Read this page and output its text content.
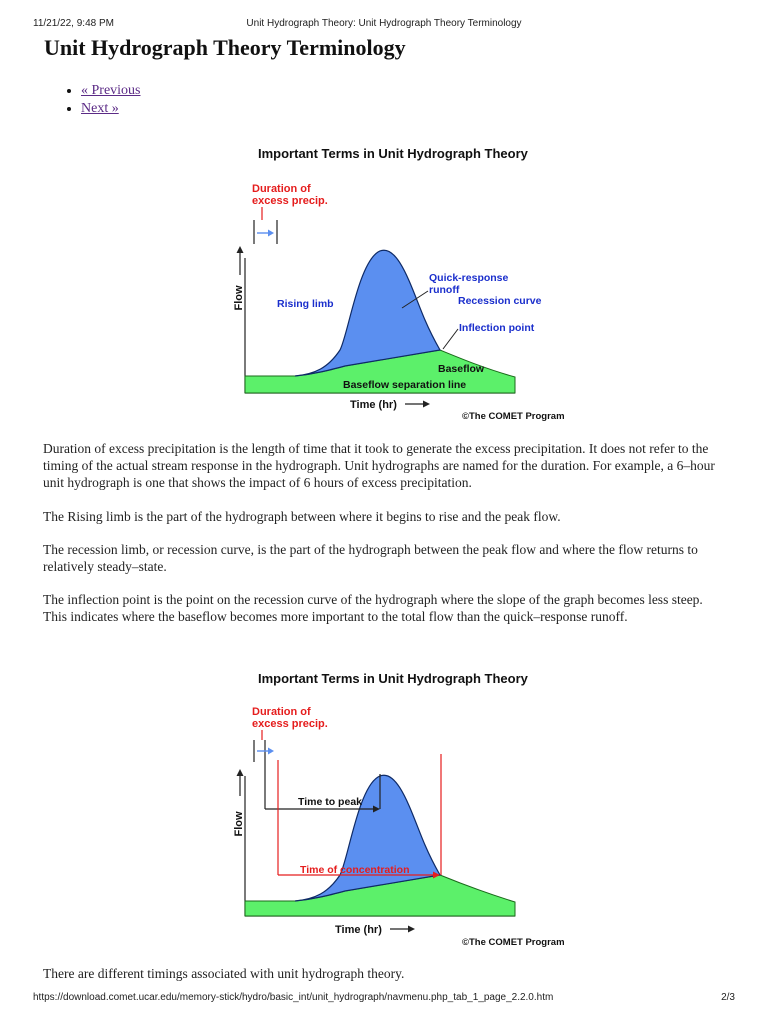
11/21/22, 9:48 PM	Unit Hydrograph Theory: Unit Hydrograph Theory Terminology
Unit Hydrograph Theory Terminology
• « Previous
• Next »
Important Terms in Unit Hydrograph Theory
Duration of
excess precip.
Flow
Time (hr)
Rising limb
Quick-response
runoff
Recession curve
Inflection point
Baseflow
Baseflow separation line
©The COMET Program

Duration of excess precipitation is the length of time that it took to generate the excess precipitation. It does not refer to the timing of the actual stream response in the hydrograph. Unit hydrographs are named for the duration. For example, a 6–hour unit hydrograph is one that shows the impact of 6 hours of excess precipitation.

The Rising limb is the part of the hydrograph between where it begins to rise and the peak flow.

The recession limb, or recession curve, is the part of the hydrograph between the peak flow and where the flow returns to relatively steady–state.

The inflection point is the point on the recession curve of the hydrograph where the slope of the graph becomes less steep. This indicates where the baseflow becomes more important to the total flow than the quick–response runoff.

Important Terms in Unit Hydrograph Theory
Duration of
excess precip.
Time to peak
Time of concentration
Flow
Time (hr)
©The COMET Program

There are different timings associated with unit hydrograph theory.

https://download.comet.ucar.edu/memory-stick/hydro/basic_int/unit_hydrograph/navmenu.php_tab_1_page_2.2.0.htm	2/3
